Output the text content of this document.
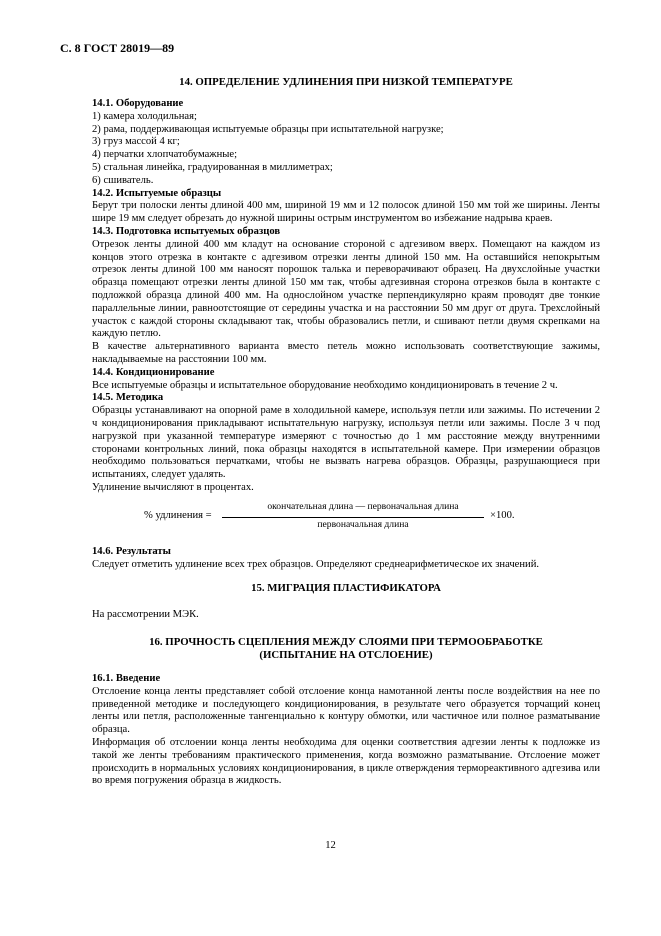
С. 8 ГОСТ 28019—89
14. ОПРЕДЕЛЕНИЕ УДЛИНЕНИЯ ПРИ НИЗКОЙ ТЕМПЕРАТУРЕ
14.1. Оборудование
1) камера холодильная;
2) рама, поддерживающая испытуемые образцы при испытательной нагрузке;
3) груз массой 4 кг;
4) перчатки хлопчатобумажные;
5) стальная линейка, градуированная в миллиметрах;
6) сшиватель.
14.2. Испытуемые образцы

Берут три полоски ленты длиной 400 мм, шириной 19 мм и 12 полосок длиной 150 мм той же ширины. Ленты шире 19 мм следует обрезать до нужной ширины острым инструментом во избежание надрыва краев.

14.3. Подготовка испытуемых образцов

Отрезок ленты длиной 400 мм кладут на основание стороной с адгезивом вверх. Помещают на каждом из концов этого отрезка в контакте с адгезивом отрезки ленты длиной 150 мм. На оставшийся непокрытым отрезок ленты длиной 100 мм наносят порошок талька и переворачивают образец. На двухслойные участки образца помещают отрезки ленты длиной 150 мм так, чтобы адгезивная сторона отрезков была в контакте с подложкой образца длиной 400 мм. На однослойном участке перпендикулярно краям проводят две тонкие параллельные линии, равноотстоящие от середины участка и на расстоянии 50 мм друг от друга. Трехслойный участок с каждой стороны складывают так, чтобы образовались петли, и сшивают петли двумя скрепками на каждую петлю.

В качестве альтернативного варианта вместо петель можно использовать соответствующие зажимы, накладываемые на расстоянии 100 мм.

14.4. Кондиционирование

Все испытуемые образцы и испытательное оборудование необходимо кондиционировать в течение 2 ч.

14.5. Методика

Образцы устанавливают на опорной раме в холодильной камере, используя петли или зажимы. По истечении 2 ч кондиционирования прикладывают испытательную нагрузку, используя петли или зажимы. После 3 ч под нагрузкой при указанной температуре измеряют с точностью до 1 мм расстояние между внутренними сторонами контрольных линий, пока образцы находятся в испытательной камере. При измерении образцов необходимо пользоваться перчатками, чтобы не вызвать нагрева образцов. Образцы, разрушающиеся при испытаниях, следует удалять.

Удлинение вычисляют в процентах.

% удлинения =
окончательная длина — первоначальная длина
первоначальная длина
×100.
14.6. Результаты

Следует отметить удлинение всех трех образцов. Определяют среднеарифметическое их значений.

15. МИГРАЦИЯ ПЛАСТИФИКАТОРА

На рассмотрении МЭК.

16. ПРОЧНОСТЬ СЦЕПЛЕНИЯ МЕЖДУ СЛОЯМИ ПРИ ТЕРМООБРАБОТКЕ
(ИСПЫТАНИЕ НА ОТСЛОЕНИЕ)
16.1. Введение

Отслоение конца ленты представляет собой отслоение конца намотанной ленты после воздействия на нее по приведенной методике и последующего кондиционирования, в результате чего образуется торчащий конец ленты или петля, расположенные тангенциально к контуру обмотки, или частичное или полное разматывание образца.

Информация об отслоении конца ленты необходима для оценки соответствия адгезии ленты к подложке из такой же ленты требованиям практического применения, когда возможно разматывание. Отслоение может происходить в нормальных условиях кондиционирования, в цикле отверждения термореактивного адгезива или во время погружения образца в жидкость.

12
